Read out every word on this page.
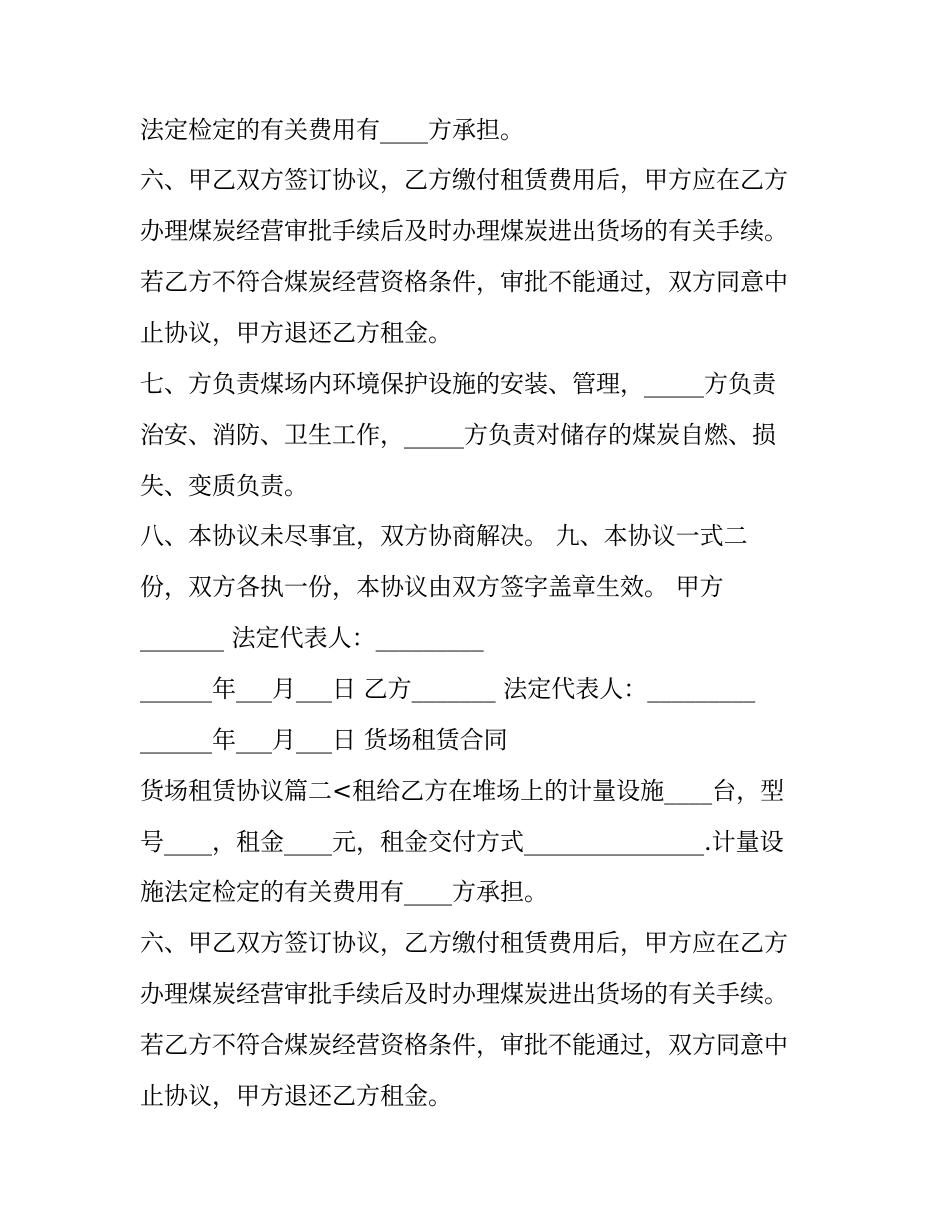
法定检定的有关费用有____方承担。
六、甲乙双方签订协议，乙方缴付租赁费用后，甲方应在乙方
办理煤炭经营审批手续后及时办理煤炭进出货场的有关手续。
若乙方不符合煤炭经营资格条件，审批不能通过，双方同意中
止协议，甲方退还乙方租金。
七、方负责煤场内环境保护设施的安装、管理，_____方负责
治安、消防、卫生工作，_____方负责对储存的煤炭自燃、损
失、变质负责。
八、本协议未尽事宜，双方协商解决。 九、本协议一式二
份，双方各执一份，本协议由双方签字盖章生效。 甲方
_______ 法定代表人：_________
______年___月___日 乙方_______ 法定代表人：_________
______年___月___日 货场租赁合同
货场租赁协议篇二<租给乙方在堆场上的计量设施____台，型
号____，租金____元，租金交付方式_______________.计量设
施法定检定的有关费用有____方承担。
六、甲乙双方签订协议，乙方缴付租赁费用后，甲方应在乙方
办理煤炭经营审批手续后及时办理煤炭进出货场的有关手续。
若乙方不符合煤炭经营资格条件，审批不能通过，双方同意中
止协议，甲方退还乙方租金。
